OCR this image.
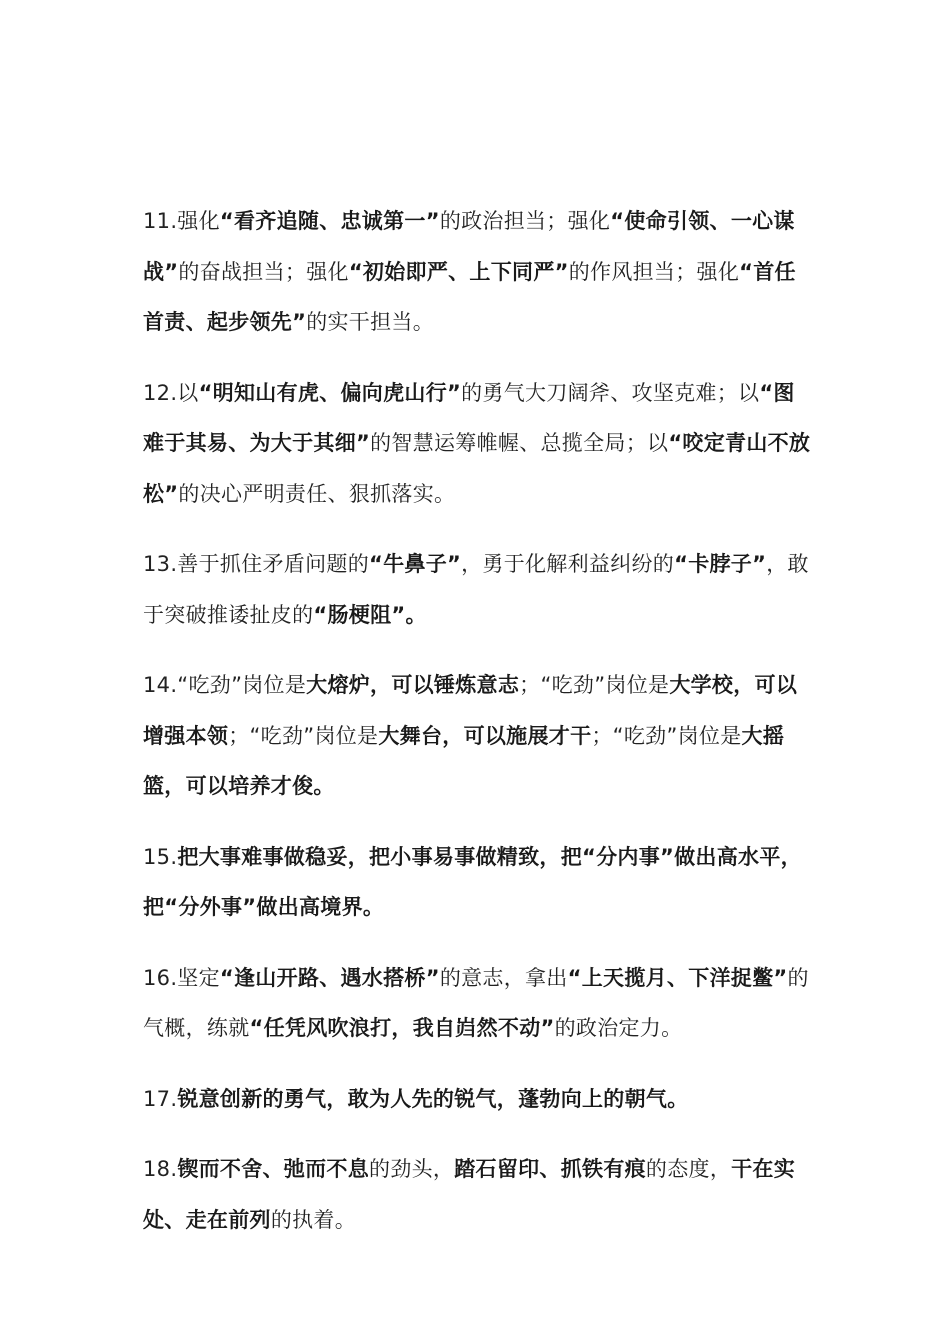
11.强化“看齐追随、忠诚第一”的政治担当；强化“使命引领、一心谋战”的奋战担当；强化“初始即严、上下同严”的作风担当；强化“首任首责、起步领先”的实干担当。

12.以“明知山有虎、偏向虎山行”的勇气大刀阔斧、攻坚克难；以“图难于其易、为大于其细”的智慧运筹帷幄、总揽全局；以“咬定青山不放松”的决心严明责任、狠抓落实。

13.善于抓住矛盾问题的“牛鼻子”，勇于化解利益纠纷的“卡脖子”，敢于突破推诿扯皮的“肠梗阻”。

14.“吃劲”岗位是大熔炉，可以锤炼意志；“吃劲”岗位是大学校，可以增强本领；“吃劲”岗位是大舞台，可以施展才干；“吃劲”岗位是大摇篮，可以培养才俊。

15.把大事难事做稳妥，把小事易事做精致，把“分内事”做出高水平，把“分外事”做出高境界。

16.坚定“逢山开路、遇水搭桥”的意志，拿出“上天揽月、下洋捉鳖”的气概，练就“任凭风吹浪打，我自岿然不动”的政治定力。

17.锐意创新的勇气，敢为人先的锐气，蓬勃向上的朝气。

18.锲而不舍、弛而不息的劲头，踏石留印、抓铁有痕的态度，干在实处、走在前列的执着。
